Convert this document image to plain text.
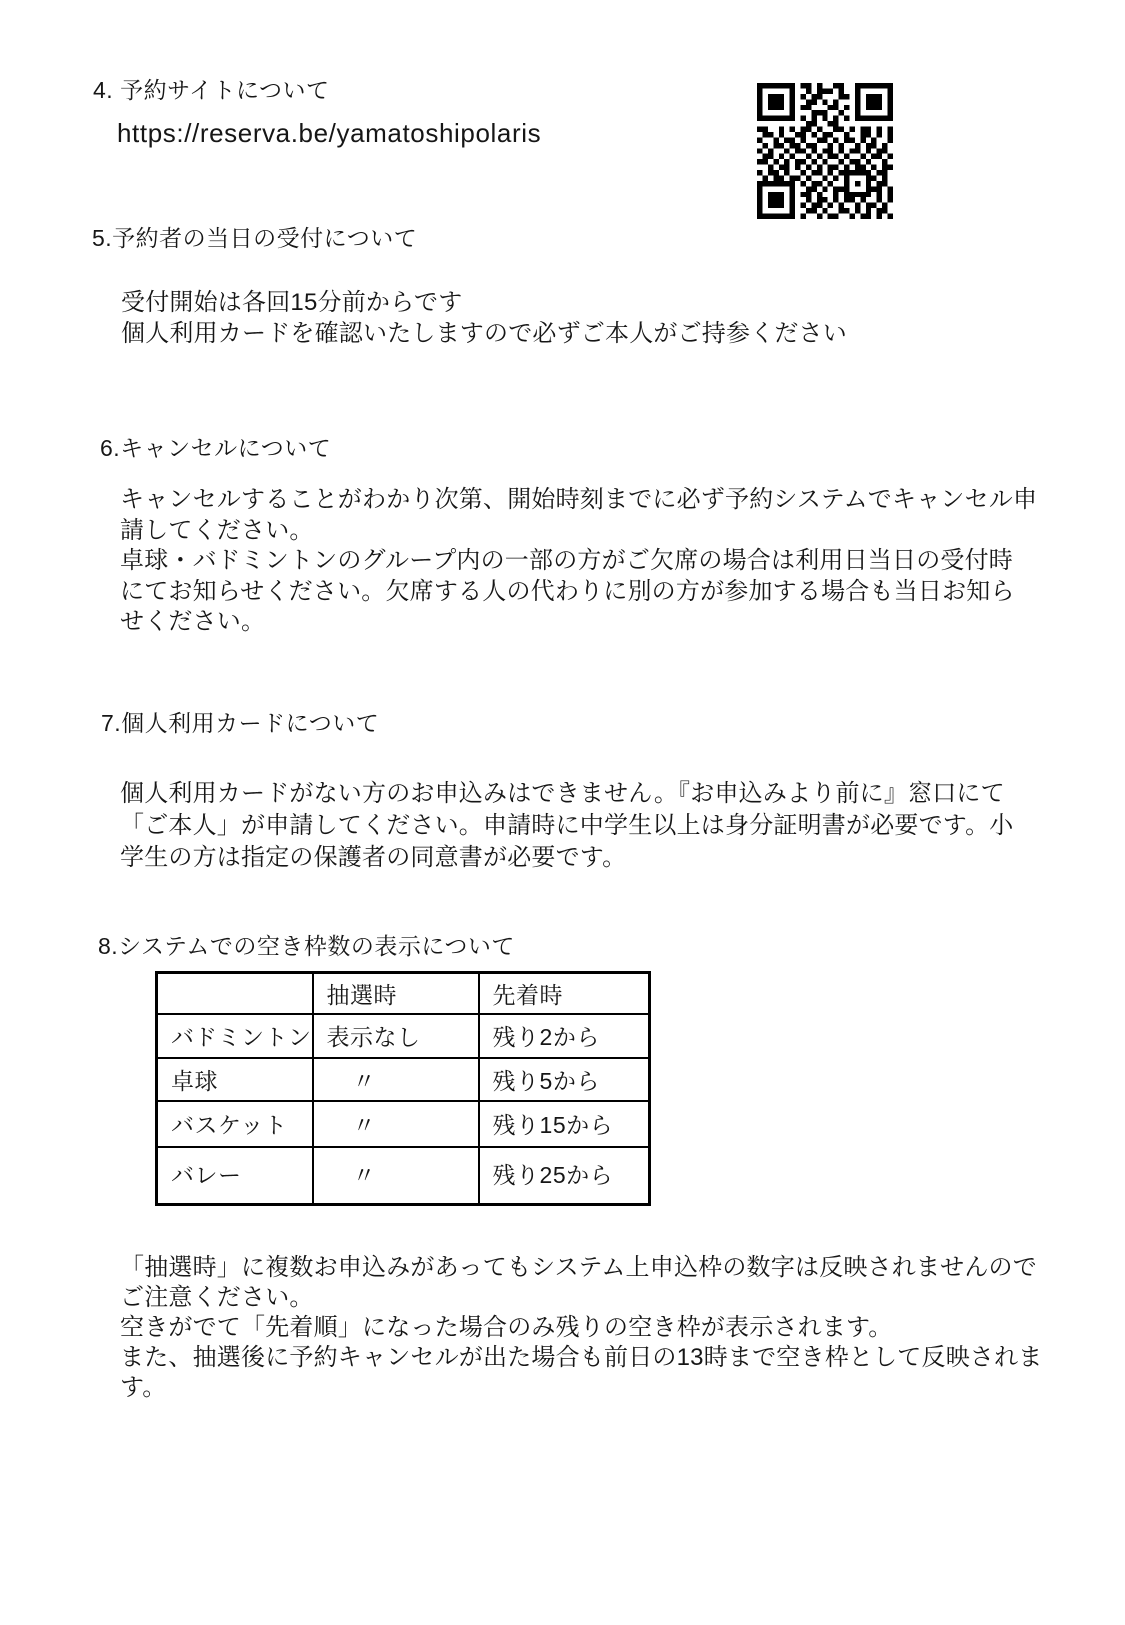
4. 予約サイトについて
https://reserva.be/yamatoshipolaris
5.予約者の当日の受付について
受付開始は各回15分前からです
個人利用カードを確認いたしますので必ずご本人がご持参ください
6.キャンセルについて
キャンセルすることがわかり次第、開始時刻までに必ず予約システムでキャンセル申
請してください。
卓球・バドミントンのグループ内の一部の方がご欠席の場合は利用日当日の受付時
にてお知らせください。欠席する人の代わりに別の方が参加する場合も当日お知ら
せください。
7.個人利用カードについて
個人利用カードがない方のお申込みはできません。『お申込みより前に』窓口にて
「ご本人」が申請してください。申請時に中学生以上は身分証明書が必要です。小
学生の方は指定の保護者の同意書が必要です。
8.システムでの空き枠数の表示について
	抽選時	先着時
バドミントン	表示なし	残り2から
卓球	〃	残り5から
バスケット	〃	残り15から
バレー	〃	残り25から
「抽選時」に複数お申込みがあってもシステム上申込枠の数字は反映されませんので
ご注意ください。
空きがでて「先着順」になった場合のみ残りの空き枠が表示されます。
また、抽選後に予約キャンセルが出た場合も前日の13時まで空き枠として反映されま
す。
